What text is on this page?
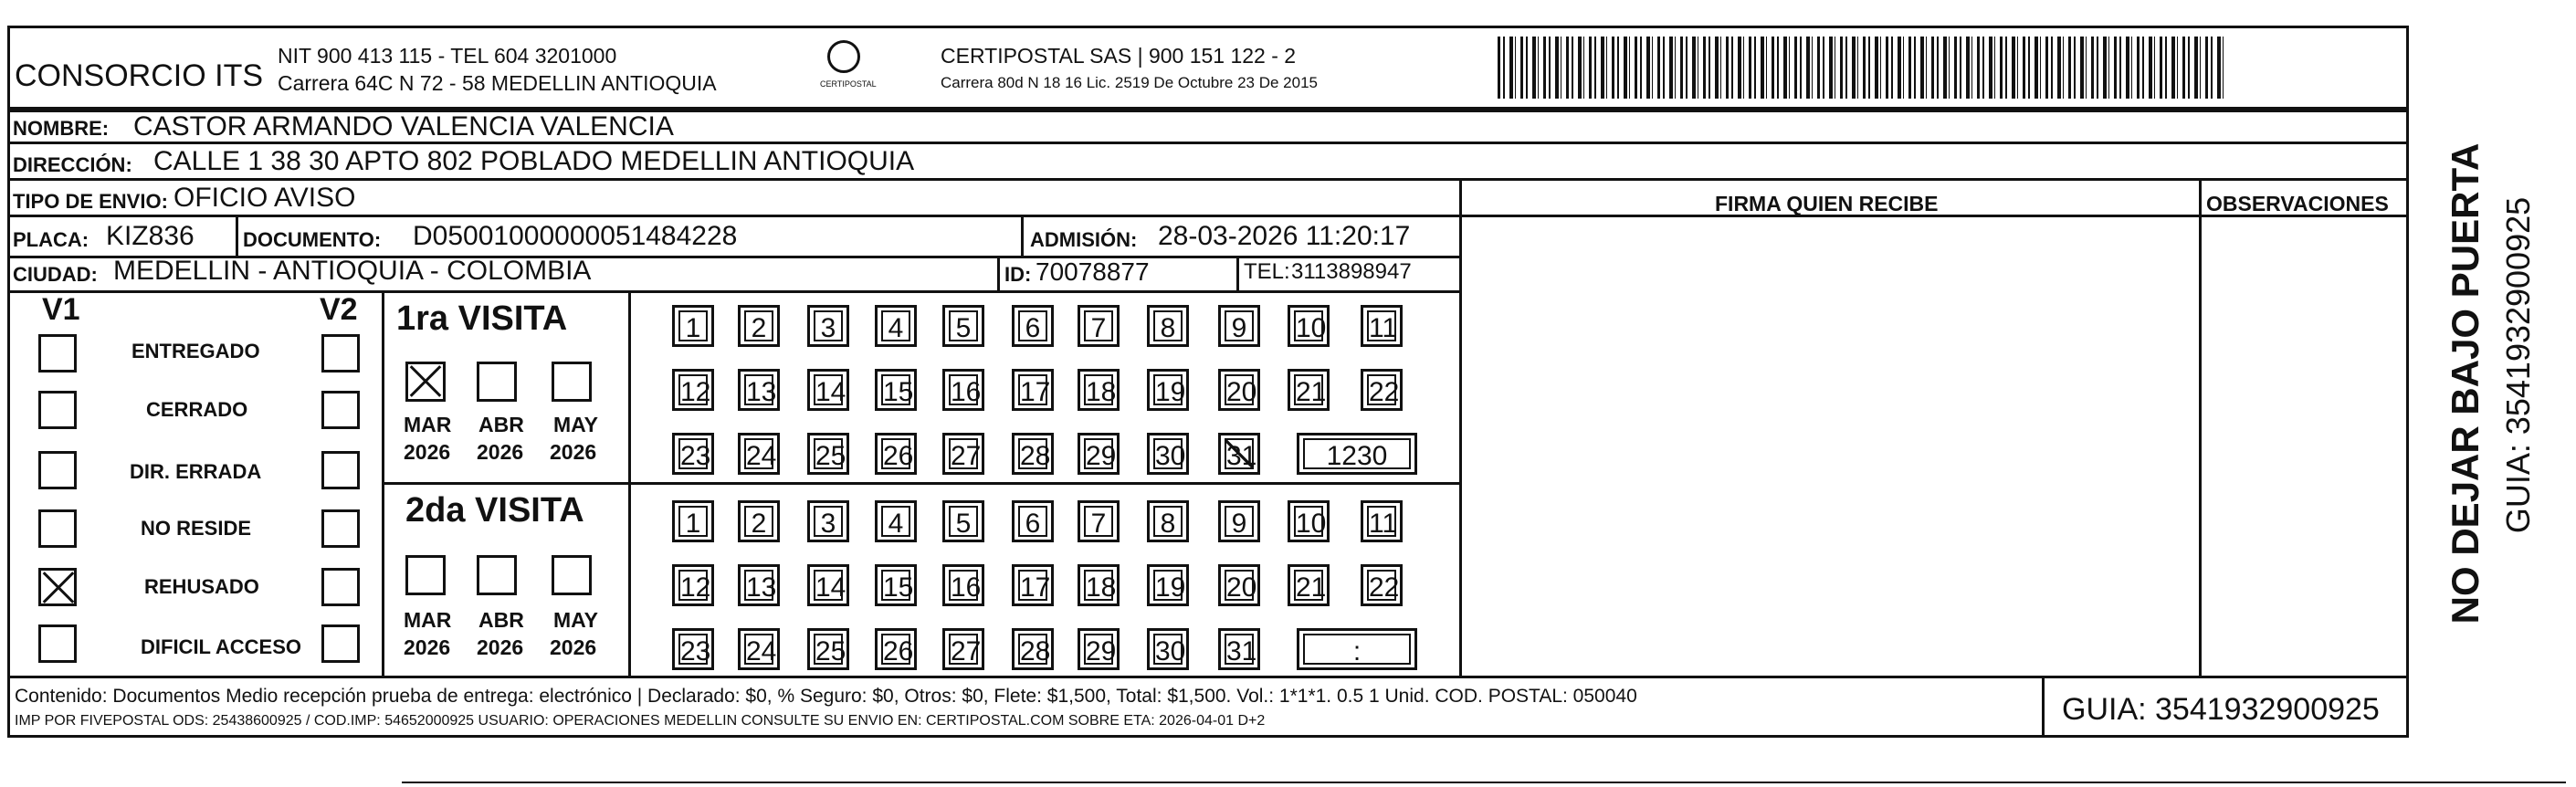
CONSORCIO ITS
NIT 900 413 115 - TEL 604 3201000
Carrera 64C N 72 - 58 MEDELLIN ANTIOQUIA	CERTIPOSTAL
CERTIPOSTAL SAS | 900 151 122 - 2
Carrera 80d N 18 16 Lic. 2519 De Octubre 23 De 2015
NOMBRE: CASTOR ARMANDO VALENCIA VALENCIA
DIRECCIÓN: CALLE 1 38 30 APTO 802 POBLADO MEDELLIN ANTIOQUIA
TIPO DE ENVIO: OFICIO AVISO	FIRMA QUIEN RECIBE	OBSERVACIONES
PLACA: KIZ836 DOCUMENTO: D05001000000051484228	ADMISIÓN: 28-03-2026 11:20:17
CIUDAD: MEDELLIN - ANTIOQUIA - COLOMBIA	ID: 70078877	TEL: 3113898947
V1	V2
ENTREGADO
CERRADO
DIR. ERRADA
NO RESIDE
REHUSADO
DIFICIL ACCESO
1ra VISITA
MAR ABR MAY
2026 2026 2026
1 2 3 4 5 6 7 8 9 10 11
12 13 14 15 16 17 18 19 20 21 22
23 24 25 26 27 28 29 30 31	1230
2da VISITA
MAR ABR MAY
2026 2026 2026
1 2 3 4 5 6 7 8 9 10 11
12 13 14 15 16 17 18 19 20 21 22
23 24 25 26 27 28 29 30 31	:
Contenido: Documentos Medio recepción prueba de entrega: electrónico | Declarado: $0, % Seguro: $0, Otros: $0, Flete: $1,500, Total: $1,500. Vol.: 1*1*1. 0.5 1 Unid. COD. POSTAL: 050040
IMP POR FIVEPOSTAL ODS: 25438600925 / COD.IMP: 54652000925 USUARIO: OPERACIONES MEDELLIN CONSULTE SU ENVIO EN: CERTIPOSTAL.COM SOBRE ETA: 2026-04-01 D+2	GUIA: 3541932900925
NO DEJAR BAJO PUERTA GUIA: 3541932900925
